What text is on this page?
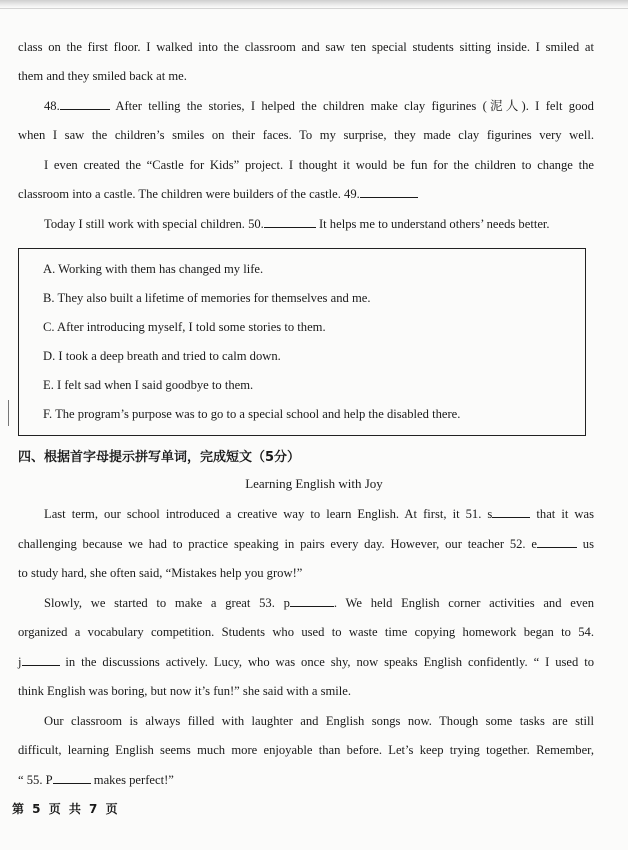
class on the first floor. I walked into the classroom and saw ten special students sitting inside. I smiled at
them and they smiled back at me.
48.	After telling the stories, I helped the children make clay figurines (泥人). I felt good
when I saw the children’s smiles on their faces. To my surprise, they made clay figurines very well.
I even created the “Castle for Kids” project. I thought it would be fun for the children to change the
classroom into a castle. The children were builders of the castle. 49.
Today I still work with special children. 50.	It helps me to understand others’ needs better.
A. Working with them has changed my life.
B. They also built a lifetime of memories for themselves and me.
C. After introducing myself, I told some stories to them.
D. I took a deep breath and tried to calm down.
E. I felt sad when I said goodbye to them.
F. The program’s purpose was to go to a special school and help the disabled there.
四、根据首字母提示拼写单词，完成短文（5分）
Learning English with Joy
Last term, our school introduced a creative way to learn English. At first, it 51. s	that it was
challenging because we had to practice speaking in pairs every day. However, our teacher 52. e	us
to study hard, she often said, “Mistakes help you grow!”
Slowly, we started to make a great 53. p	. We held English corner activities and even
organized a vocabulary competition. Students who used to waste time copying homework began to 54.
j	in the discussions actively. Lucy, who was once shy, now speaks English confidently. “ I used to
think English was boring, but now it’s fun!” she said with a smile.
Our classroom is always filled with laughter and English songs now. Though some tasks are still
difficult, learning English seems much more enjoyable than before. Let’s keep trying together. Remember,
“ 55. P	makes perfect!”
第 5 页 共 7 页
